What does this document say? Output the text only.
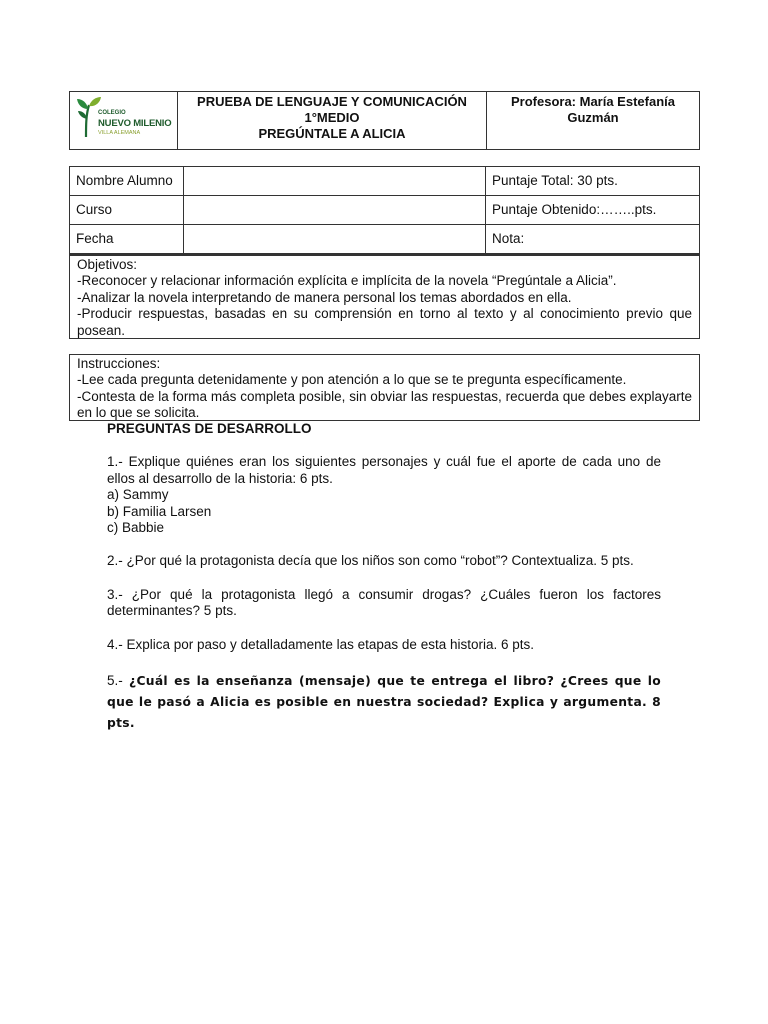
COLEGIO
NUEVO MILENIO
VILLA ALEMANA

PRUEBA DE LENGUAJE Y COMUNICACIÓN
1°MEDIO
PREGÚNTALE A ALICIA

Profesora: María Estefanía
Guzmán
Nombre Alumno		Puntaje Total: 30 pts.
Curso		Puntaje Obtenido:……..pts.
Fecha		Nota:
Objetivos:
-Reconocer y relacionar información explícita e implícita de la novela “Pregúntale a Alicia”.
-Analizar la novela interpretando de manera personal los temas abordados en ella.
-Producir respuestas, basadas en su comprensión en torno al texto y al conocimiento previo que posean.
Instrucciones:
-Lee cada pregunta detenidamente y pon atención a lo que se te pregunta específicamente.
-Contesta de la forma más completa posible, sin obviar las respuestas, recuerda que debes explayarte en lo que se solicita.
PREGUNTAS DE DESARROLLO

1.- Explique quiénes eran los siguientes personajes y cuál fue el aporte de cada uno de ellos al desarrollo de la historia: 6 pts.

a) Sammy
b) Familia Larsen
c) Babbie

2.- ¿Por qué la protagonista decía que los niños son como “robot”? Contextualiza. 5 pts.

3.- ¿Por qué la protagonista llegó a consumir drogas? ¿Cuáles fueron los factores determinantes? 5 pts.

4.- Explica por paso y detalladamente las etapas de esta historia. 6 pts.

5.- ¿Cuál es la enseñanza (mensaje) que te entrega el libro? ¿Crees que lo que le pasó a Alicia es posible en nuestra sociedad? Explica y argumenta. 8 pts.
